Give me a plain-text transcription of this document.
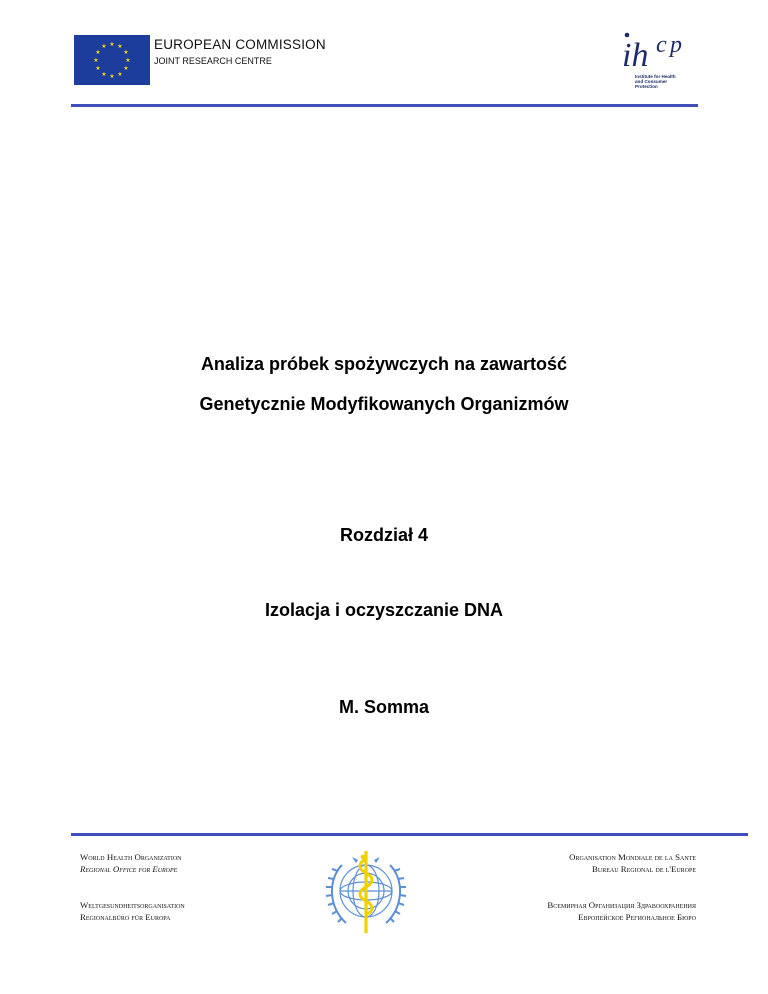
★ ★
★
★
★
★
★
★
★
★
★
★	EUROPEAN COMMISSION
JOINT RESEARCH CENTRE	ih c p
Institute for Health
and Consumer Protection
Analiza próbek spożywczych na zawartość
Genetycznie Modyfikowanych Organizmów
Rozdział 4
Izolacja i oczyszczanie DNA
M. Somma
World Health Organization
Regional Office for Europe
Weltgesundheitsorganisation
Regionalbüro für Europa
Organisation Mondiale de la Sante
Bureau Regional de l'Europe
Всемирная Организация Здравоохранения
Европейское Региональное Бюро
